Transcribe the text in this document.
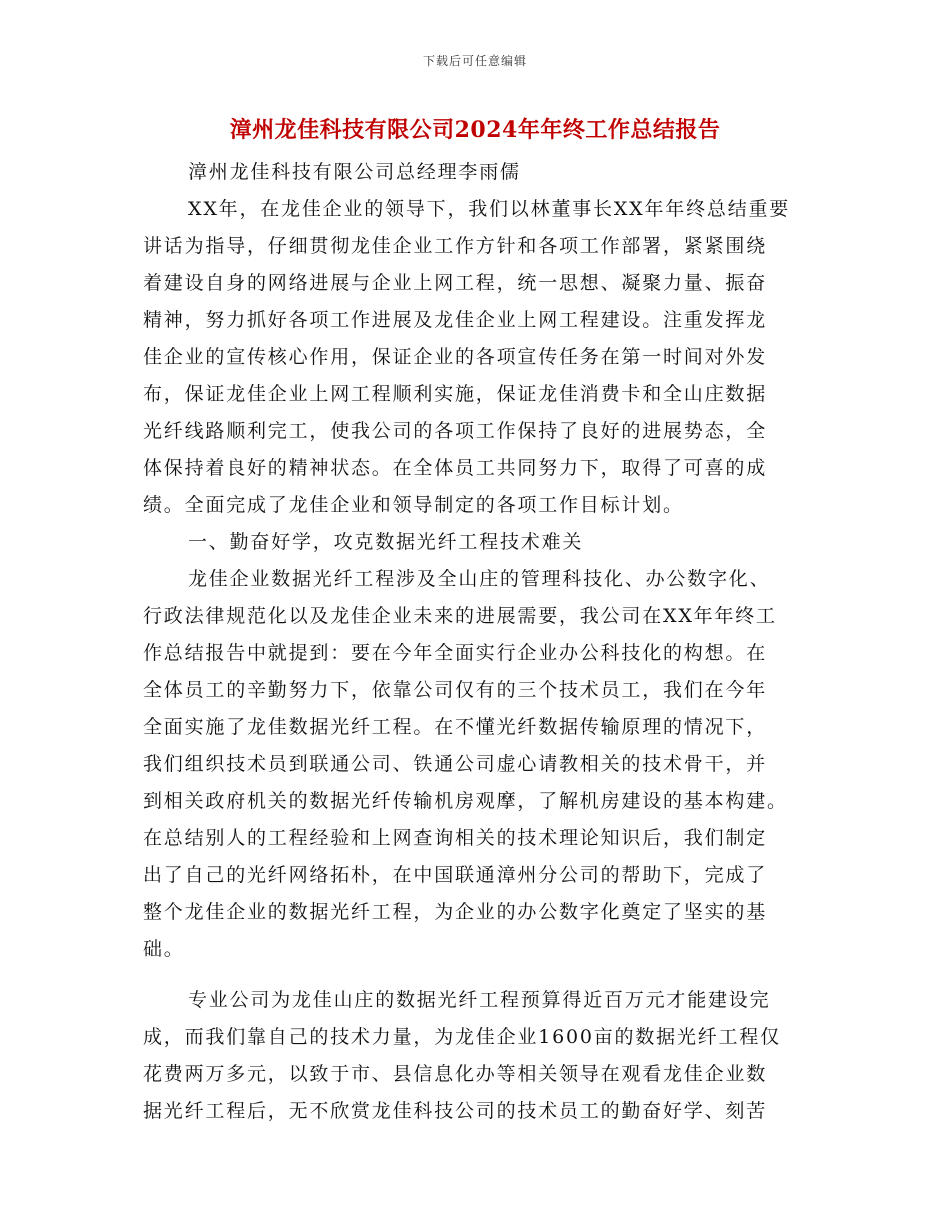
下载后可任意编辑
漳州龙佳科技有限公司2024年年终工作总结报告
漳州龙佳科技有限公司总经理李雨儒
XX年，在龙佳企业的领导下，我们以林董事长XX年年终总结重要
讲话为指导，仔细贯彻龙佳企业工作方针和各项工作部署，紧紧围绕
着建设自身的网络进展与企业上网工程，统一思想、凝聚力量、振奋
精神，努力抓好各项工作进展及龙佳企业上网工程建设。注重发挥龙
佳企业的宣传核心作用，保证企业的各项宣传任务在第一时间对外发
布，保证龙佳企业上网工程顺利实施，保证龙佳消费卡和全山庄数据
光纤线路顺利完工，使我公司的各项工作保持了良好的进展势态，全
体保持着良好的精神状态。在全体员工共同努力下，取得了可喜的成
绩。全面完成了龙佳企业和领导制定的各项工作目标计划。
一、勤奋好学，攻克数据光纤工程技术难关
龙佳企业数据光纤工程涉及全山庄的管理科技化、办公数字化、
行政法律规范化以及龙佳企业未来的进展需要，我公司在XX年年终工
作总结报告中就提到：要在今年全面实行企业办公科技化的构想。在
全体员工的辛勤努力下，依靠公司仅有的三个技术员工，我们在今年
全面实施了龙佳数据光纤工程。在不懂光纤数据传输原理的情况下，
我们组织技术员到联通公司、铁通公司虚心请教相关的技术骨干，并
到相关政府机关的数据光纤传输机房观摩，了解机房建设的基本构建。
在总结别人的工程经验和上网查询相关的技术理论知识后，我们制定
出了自己的光纤网络拓朴，在中国联通漳州分公司的帮助下，完成了
整个龙佳企业的数据光纤工程，为企业的办公数字化奠定了坚实的基
础。
专业公司为龙佳山庄的数据光纤工程预算得近百万元才能建设完
成，而我们靠自己的技术力量，为龙佳企业1600亩的数据光纤工程仅
花费两万多元，以致于市、县信息化办等相关领导在观看龙佳企业数
据光纤工程后，无不欣赏龙佳科技公司的技术员工的勤奋好学、刻苦
